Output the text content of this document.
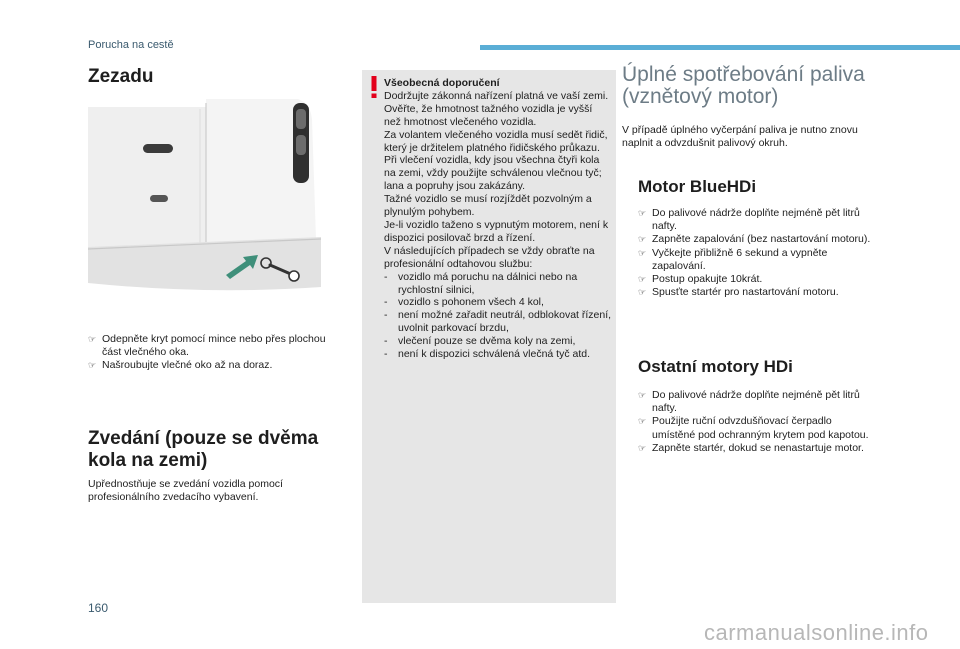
Porucha na cestě
Zezadu
☞ Odepněte kryt pomocí mince nebo přes plochou část vlečného oka.
☞ Našroubujte vlečné oko až na doraz.
Zvedání (pouze se dvěma kola na zemi)
Upřednostňuje se zvedání vozidla pomocí profesionálního zvedacího vybavení.
Všeobecná doporučení
Dodržujte zákonná nařízení platná ve vaší zemi.
Ověřte, že hmotnost tažného vozidla je vyšší než hmotnost vlečeného vozidla.
Za volantem vlečeného vozidla musí sedět řidič, který je držitelem platného řidičského průkazu.
Při vlečení vozidla, kdy jsou všechna čtyři kola na zemi, vždy použijte schválenou vlečnou tyč; lana a popruhy jsou zakázány.
Tažné vozidlo se musí rozjíždět pozvolným a plynulým pohybem.
Je-li vozidlo taženo s vypnutým motorem, není k dispozici posilovač brzd a řízení.
V následujících případech se vždy obraťte na profesionální odtahovou službu:
- vozidlo má poruchu na dálnici nebo na rychlostní silnici,
- vozidlo s pohonem všech 4 kol,
- není možné zařadit neutrál, odblokovat řízení, uvolnit parkovací brzdu,
- vlečení pouze se dvěma koly na zemi,
- není k dispozici schválená vlečná tyč atd.
Úplné spotřebování paliva (vznětový motor)
V případě úplného vyčerpání paliva je nutno znovu naplnit a odvzdušnit palivový okruh.
Motor BlueHDi
☞ Do palivové nádrže doplňte nejméně pět litrů nafty.
☞ Zapněte zapalování (bez nastartování motoru).
☞ Vyčkejte přibližně 6 sekund a vypněte zapalování.
☞ Postup opakujte 10krát.
☞ Spusťte startér pro nastartování motoru.
Ostatní motory HDi
☞ Do palivové nádrže doplňte nejméně pět litrů nafty.
☞ Použijte ruční odvzdušňovací čerpadlo umístěné pod ochranným krytem pod kapotou.
☞ Zapněte startér, dokud se nenastartuje motor.
160
carmanualsonline.info
